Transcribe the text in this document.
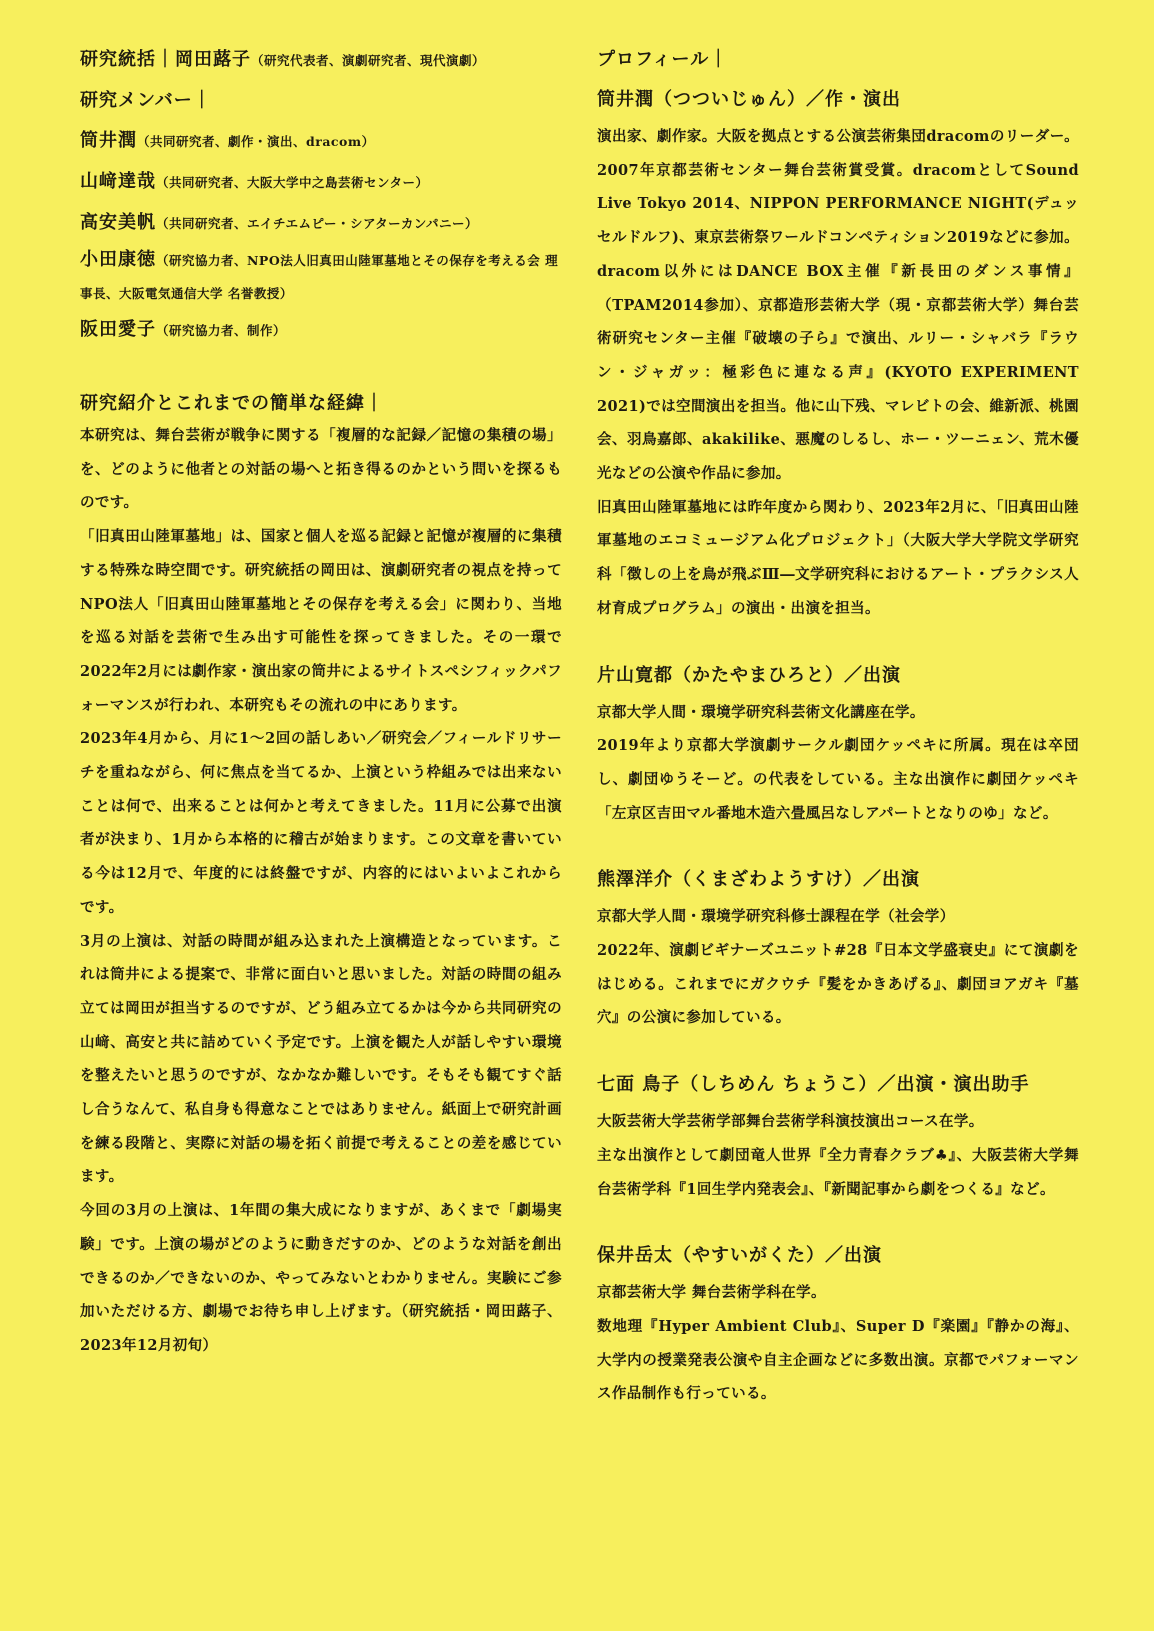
研究統括｜岡田蕗子（研究代表者、演劇研究者、現代演劇）
研究メンバー｜
筒井潤（共同研究者、劇作・演出、dracom）
山﨑達哉（共同研究者、大阪大学中之島芸術センター）
高安美帆（共同研究者、エイチエムピー・シアターカンパニー）
小田康徳（研究協力者、NPO法人旧真田山陸軍墓地とその保存を考える会 理事長、大阪電気通信大学 名誉教授）
阪田愛子（研究協力者、制作）
研究紹介とこれまでの簡単な経緯｜

本研究は、舞台芸術が戦争に関する「複層的な記録／記憶の集積の場」を、どのように他者との対話の場へと拓き得るのかという問いを探るものです。

「旧真田山陸軍墓地」は、国家と個人を巡る記録と記憶が複層的に集積する特殊な時空間です。研究統括の岡田は、演劇研究者の視点を持ってNPO法人「旧真田山陸軍墓地とその保存を考える会」に関わり、当地を巡る対話を芸術で生み出す可能性を探ってきました。その一環で2022年2月には劇作家・演出家の筒井によるサイトスペシフィックパフォーマンスが行われ、本研究もその流れの中にあります。

2023年4月から、月に1〜2回の話しあい／研究会／フィールドリサーチを重ねながら、何に焦点を当てるか、上演という枠組みでは出来ないことは何で、出来ることは何かと考えてきました。11月に公募で出演者が決まり、1月から本格的に稽古が始まります。この文章を書いている今は12月で、年度的には終盤ですが、内容的にはいよいよこれからです。

3月の上演は、対話の時間が組み込まれた上演構造となっています。これは筒井による提案で、非常に面白いと思いました。対話の時間の組み立ては岡田が担当するのですが、どう組み立てるかは今から共同研究の山﨑、高安と共に詰めていく予定です。上演を観た人が話しやすい環境を整えたいと思うのですが、なかなか難しいです。そもそも観てすぐ話し合うなんて、私自身も得意なことではありません。紙面上で研究計画を練る段階と、実際に対話の場を拓く前提で考えることの差を感じています。

今回の3月の上演は、1年間の集大成になりますが、あくまで「劇場実験」です。上演の場がどのように動きだすのか、どのような対話を創出できるのか／できないのか、やってみないとわかりません。実験にご参加いただける方、劇場でお待ち申し上げます。（研究統括・岡田蕗子、2023年12月初旬）

プロフィール｜
筒井潤（つついじゅん）／作・演出

演出家、劇作家。大阪を拠点とする公演芸術集団dracomのリーダー。2007年京都芸術センター舞台芸術賞受賞。dracomとしてSound Live Tokyo 2014、NIPPON PERFORMANCE NIGHT(デュッセルドルフ)、東京芸術祭ワールドコンペティション2019などに参加。dracom以外にはDANCE BOX主催『新長田のダンス事情』（TPAM2014参加）、京都造形芸術大学（現・京都芸術大学）舞台芸術研究センター主催『破壊の子ら』で演出、ルリー・シャバラ『ラウン・ジャガッ：極彩色に連なる声』(KYOTO EXPERIMENT 2021)では空間演出を担当。他に山下残、マレビトの会、維新派、桃園会、羽鳥嘉郎、akakilike、悪魔のしるし、ホー・ツーニェン、荒木優光などの公演や作品に参加。

旧真田山陸軍墓地には昨年度から関わり、2023年2月に、「旧真田山陸軍墓地のエコミュージアム化プロジェクト」（大阪大学大学院文学研究科「徴しの上を鳥が飛ぶⅢ―文学研究科におけるアート・プラクシス人材育成プログラム」の演出・出演を担当。

片山寛都（かたやまひろと）／出演

京都大学人間・環境学研究科芸術文化講座在学。

2019年より京都大学演劇サークル劇団ケッペキに所属。現在は卒団し、劇団ゆうそーど。の代表をしている。主な出演作に劇団ケッペキ「左京区吉田マル番地木造六畳風呂なしアパートとなりのゆ」など。

熊澤洋介（くまざわようすけ）／出演

京都大学人間・環境学研究科修士課程在学（社会学）

2022年、演劇ビギナーズユニット#28『日本文学盛衰史』にて演劇をはじめる。これまでにガクウチ『髪をかきあげる』、劇団ヨアガキ『墓穴』の公演に参加している。

七面 鳥子（しちめん ちょうこ）／出演・演出助手

大阪芸術大学芸術学部舞台芸術学科演技演出コース在学。

主な出演作として劇団竜人世界『全力青春クラブ♣』、大阪芸術大学舞台芸術学科『1回生学内発表会』、『新聞記事から劇をつくる』など。

保井岳太（やすいがくた）／出演

京都芸術大学 舞台芸術学科在学。

数地理『Hyper Ambient Club』、Super D『楽園』『静かの海』、大学内の授業発表公演や自主企画などに多数出演。京都でパフォーマンス作品制作も行っている。
